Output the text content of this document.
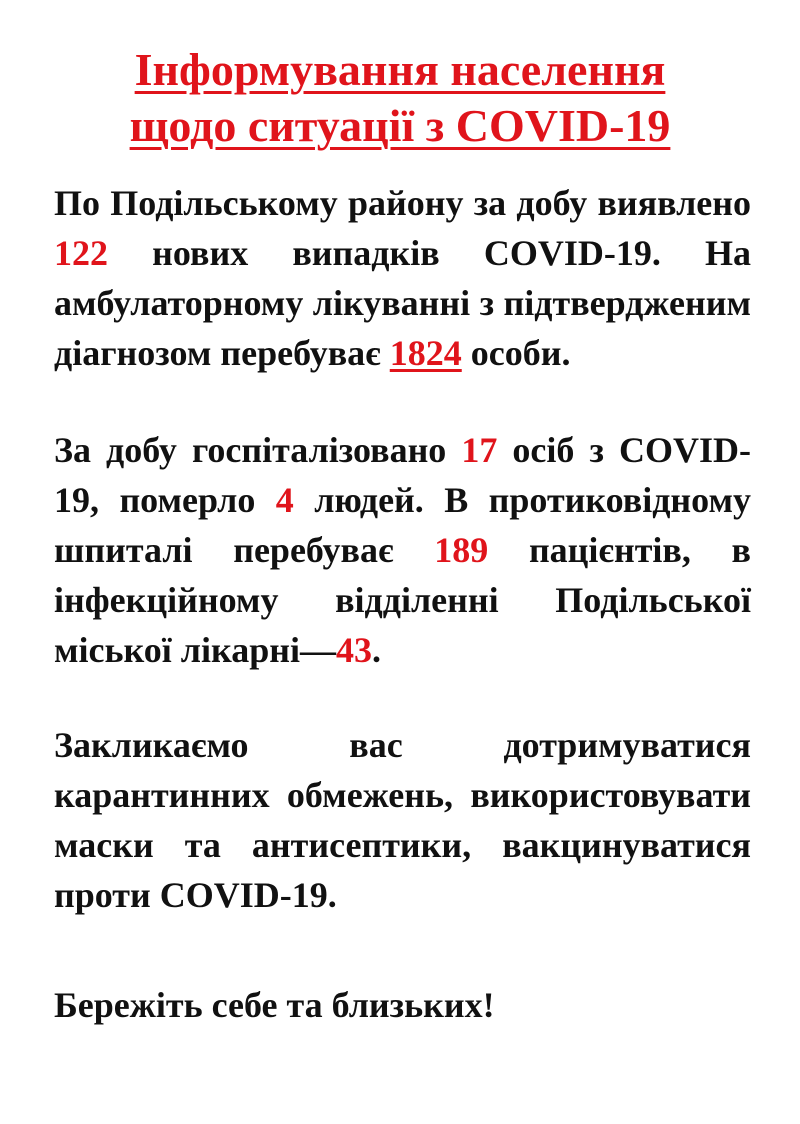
Інформування населення
щодо ситуації з COVID-19

По Подільському району за добу виявлено 122 нових випадків COVID-19. На амбулаторному лікуванні з підтвердженим діагнозом перебуває 1824 особи.

За добу госпіталізовано 17 осіб з COVID-19, померло 4 людей. В протиковідному шпиталі перебуває 189 пацієнтів, в інфекційному відділенні Подільської міської лікарні—43.

Закликаємо вас дотримуватися карантинних обмежень, використовувати маски та антисептики, вакцинуватися проти COVID-19.

Бережіть себе та близьких!
